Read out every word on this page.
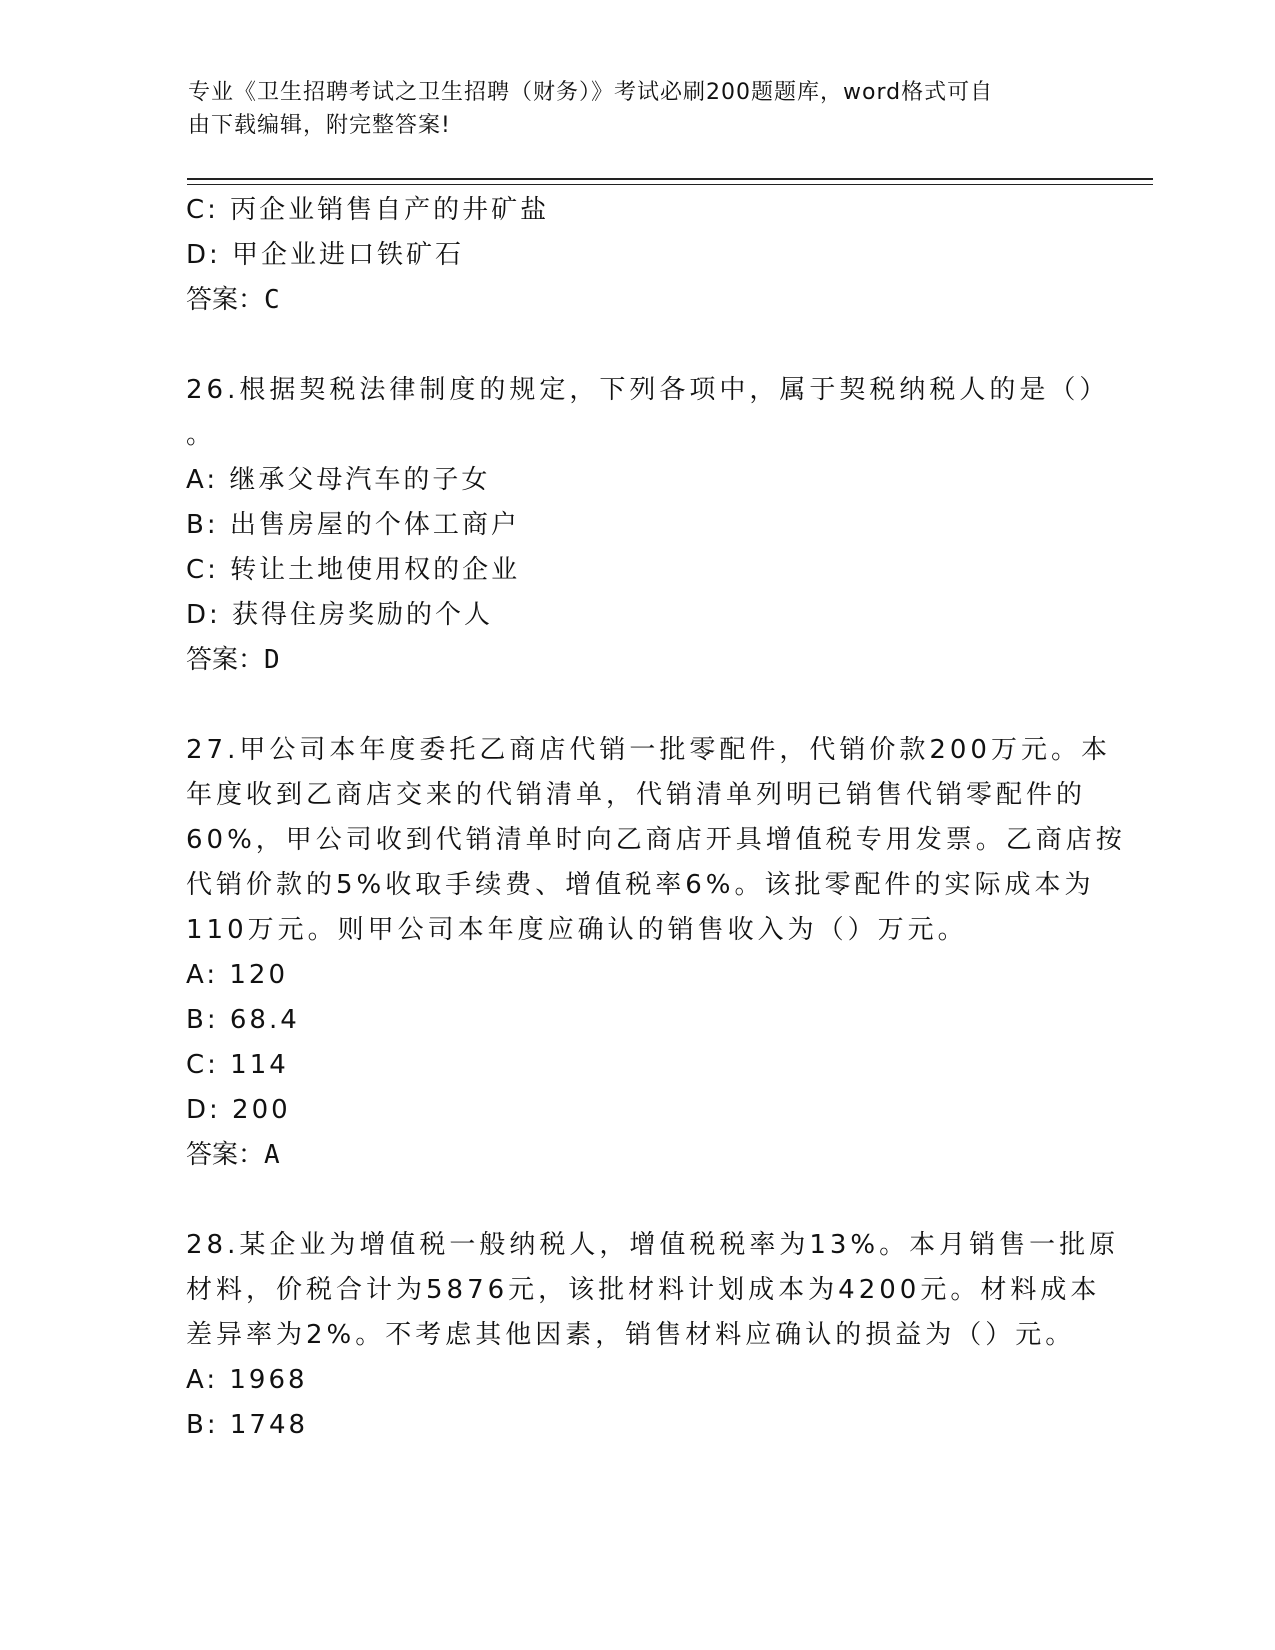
专业《卫生招聘考试之卫生招聘（财务）》考试必刷200题题库，word格式可自
由下载编辑，附完整答案!
C: 丙企业销售自产的井矿盐
D: 甲企业进口铁矿石
答案：C
26.根据契税法律制度的规定，下列各项中，属于契税纳税人的是（）
。
A: 继承父母汽车的子女
B: 出售房屋的个体工商户
C: 转让土地使用权的企业
D: 获得住房奖励的个人
答案：D
27.甲公司本年度委托乙商店代销一批零配件，代销价款200万元。本
年度收到乙商店交来的代销清单，代销清单列明已销售代销零配件的
60%，甲公司收到代销清单时向乙商店开具增值税专用发票。乙商店按
代销价款的5%收取手续费、增值税率6%。该批零配件的实际成本为
110万元。则甲公司本年度应确认的销售收入为（）万元。
A: 120
B: 68.4
C: 114
D: 200
答案：A
28.某企业为增值税一般纳税人，增值税税率为13%。本月销售一批原
材料，价税合计为5876元，该批材料计划成本为4200元。材料成本
差异率为2%。不考虑其他因素，销售材料应确认的损益为（）元。
A: 1968
B: 1748
